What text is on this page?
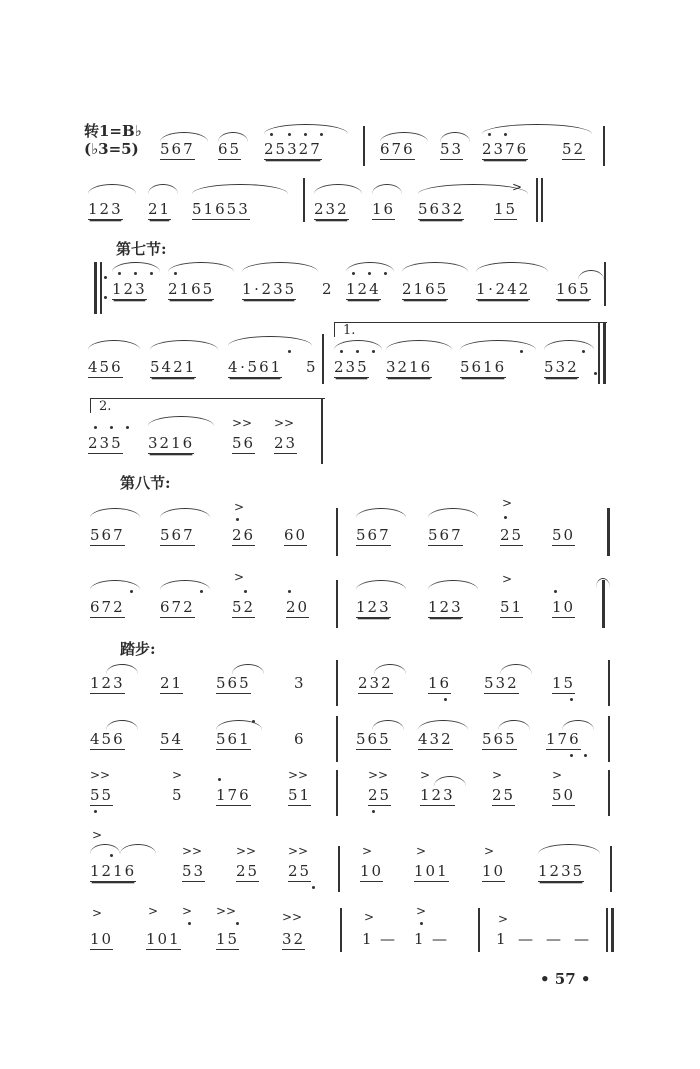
转1=B♭
(♭3=5) 567 65 25327	676 53 2376 52
123 21 51653	232 16 5632 15
>
第七节:
123 2165 1·235 2 124 2165 1·242 165
456 5421 4·561 5 235 3216 5616	532
1.
2.
235 3216	56 23
>> >>
第八节:
567 567 26 60	567 567 25 50
>	>
672 672 52 20	123 123 51 10
>	>
踏步:
123 21 565	3	232 16 532 15
456 54 561	6	565 432 565 176
55	5 176 51	25 123 25 50
>>	>	>>	>>	>	>	>
1216	53 25 25	10 101 10 1235
>
>>	>>	>>	>	>	>
10 101 15	32	1 — 1 —	1 — — —
>	> > >>	>>	>	>
>
• 57 •
